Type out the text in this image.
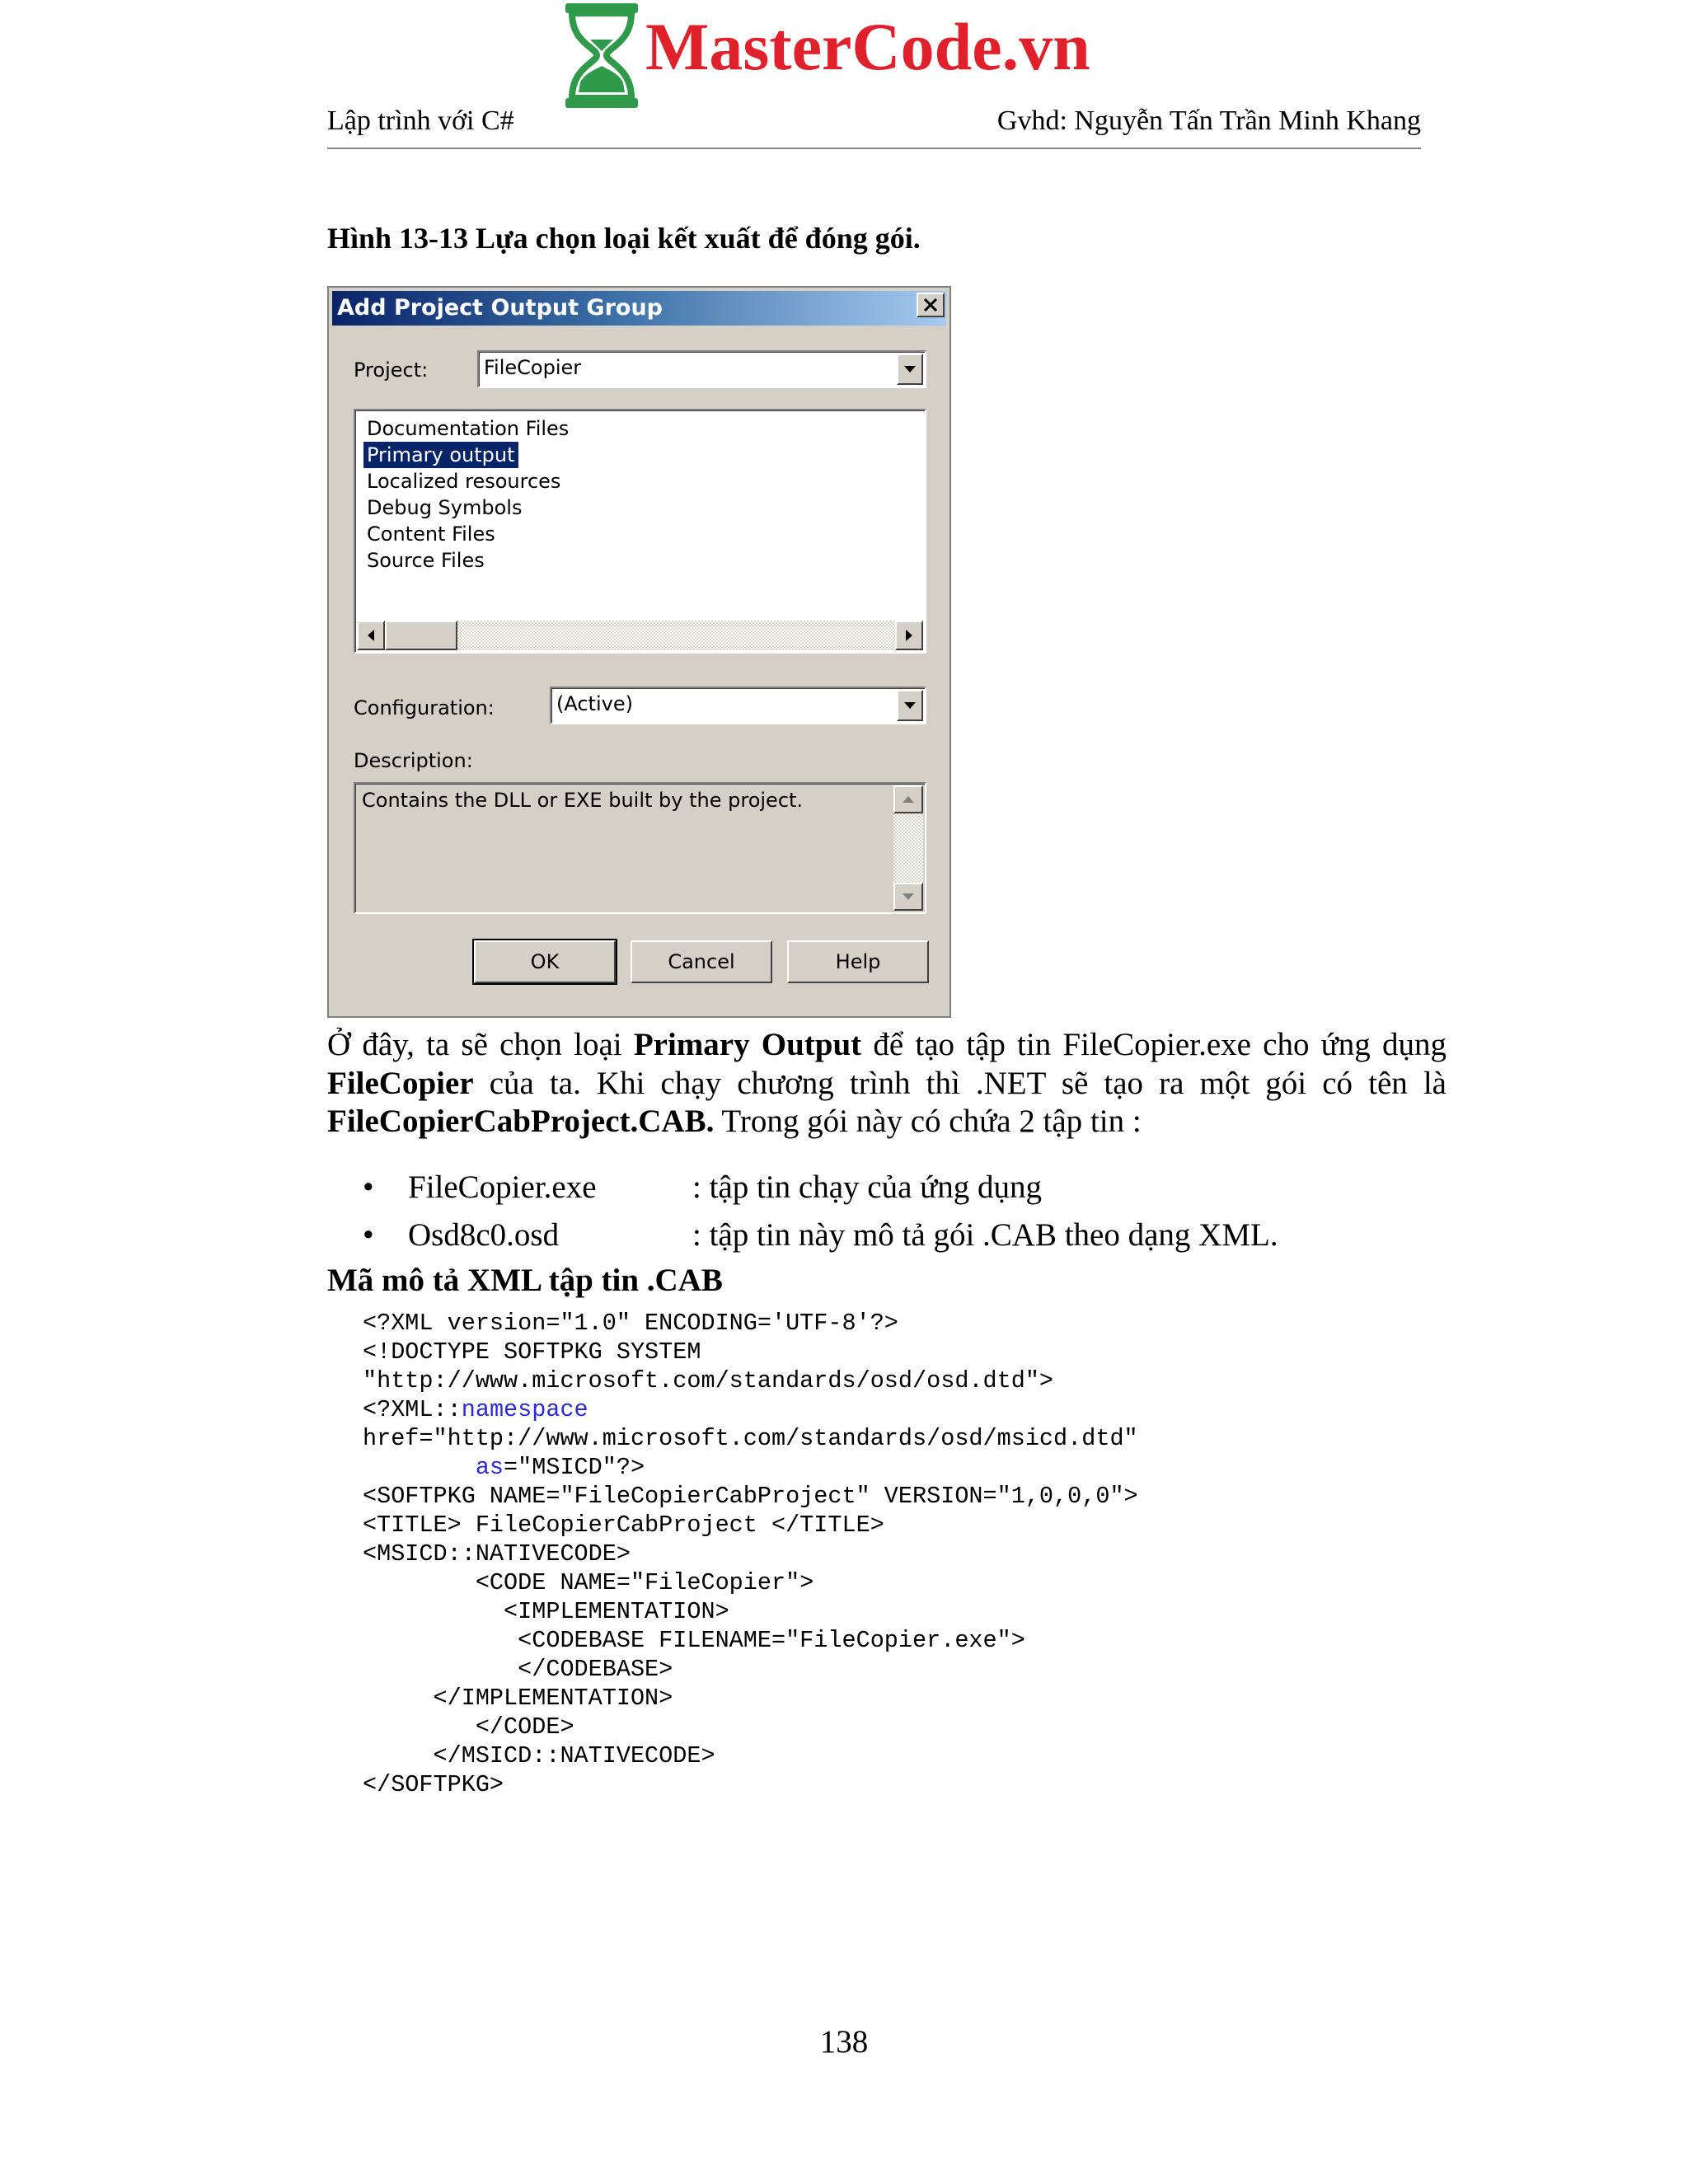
MasterCode.vn
Lập trình với C#	Gvhd: Nguyễn Tấn Trần Minh Khang
Hình 13-13 Lựa chọn loại kết xuất để đóng gói.
Add Project Output Group
Project:	FileCopier
Documentation Files
Primary output
Localized resources
Debug Symbols
Content Files
Source Files
Configuration:	(Active)
Description:
Contains the DLL or EXE built by the project.
OK	Cancel	Help
Ở đây, ta sẽ chọn loại Primary Output để tạo tập tin FileCopier.exe cho ứng dụng FileCopier của ta. Khi chạy chương trình thì .NET sẽ tạo ra một gói có tên là FileCopierCabProject.CAB. Trong gói này có chứa 2 tập tin :
• FileCopier.exe	: tập tin chạy của ứng dụng
• Osd8c0.osd	: tập tin này mô tả gói .CAB theo dạng XML.
Mã mô tả XML tập tin .CAB
<?XML version="1.0" ENCODING='UTF-8'?>
<!DOCTYPE SOFTPKG SYSTEM
"http://www.microsoft.com/standards/osd/osd.dtd">
<?XML::namespace
href="http://www.microsoft.com/standards/osd/msicd.dtd"
as="MSICD"?>
<SOFTPKG NAME="FileCopierCabProject" VERSION="1,0,0,0">
<TITLE> FileCopierCabProject </TITLE>
<MSICD::NATIVECODE>
<CODE NAME="FileCopier">
<IMPLEMENTATION>
<CODEBASE FILENAME="FileCopier.exe">
</CODEBASE>
</IMPLEMENTATION>
</CODE>
</MSICD::NATIVECODE>
</SOFTPKG>
138
